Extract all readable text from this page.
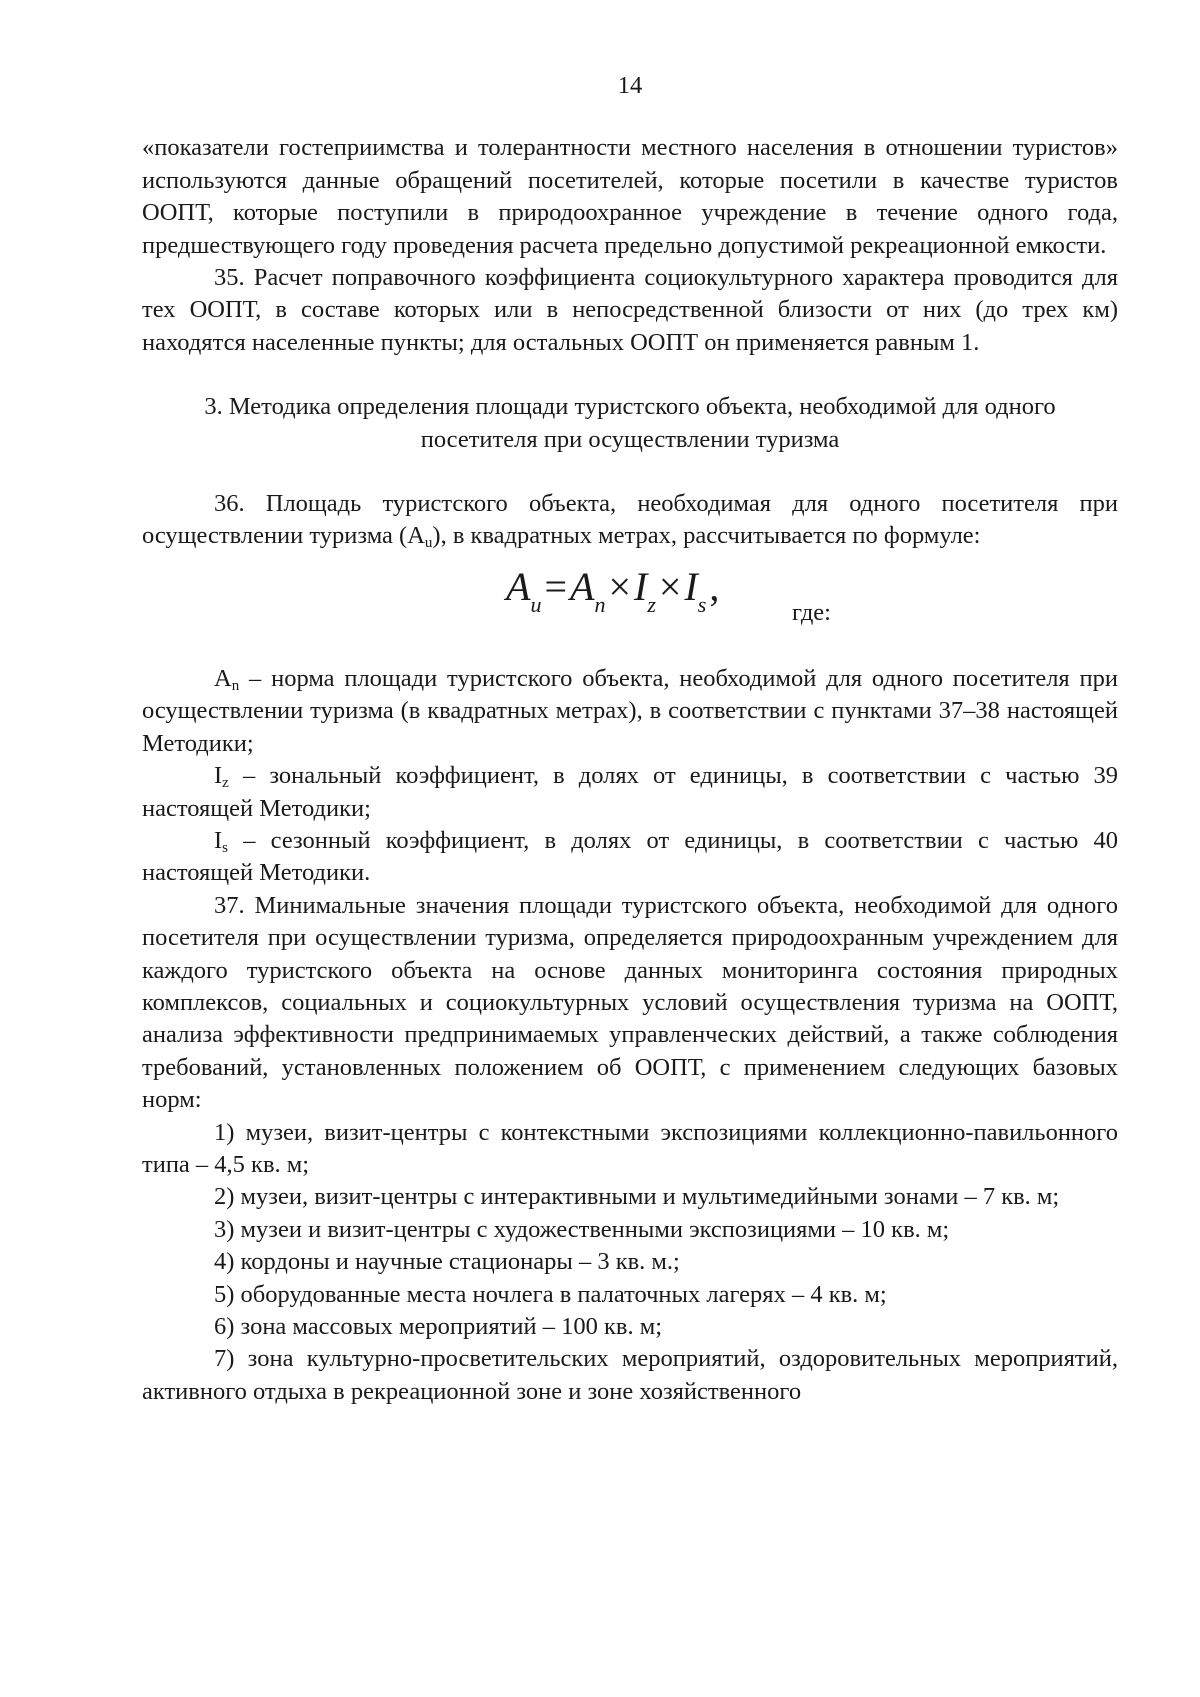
14

«показатели гостеприимства и толерантности местного населения в отношении туристов» используются данные обращений посетителей, которые посетили в качестве туристов ООПТ, которые поступили в природоохранное учреждение в течение одного года, предшествующего году проведения расчета предельно допустимой рекреационной емкости.

35. Расчет поправочного коэффициента социокультурного характера проводится для тех ООПТ, в составе которых или в непосредственной близости от них (до трех км) находятся населенные пункты; для остальных ООПТ он применяется равным 1.

3. Методика определения площади туристского объекта, необходимой для одного посетителя при осуществлении туризма

36. Площадь туристского объекта, необходимая для одного посетителя при осуществлении туризма $(A_u)$, в квадратных метрах, рассчитывается по формуле:

$A_u=A_n\times I_z\times I_s$,
где:

$A_n$ – норма площади туристского объекта, необходимой для одного посетителя при осуществлении туризма (в квадратных метрах), в соответствии с пунктами 37–38 настоящей Методики;

$I_z$ – зональный коэффициент, в долях от единицы, в соответствии с частью 39 настоящей Методики;

$I_s$ – сезонный коэффициент, в долях от единицы, в соответствии с частью 40 настоящей Методики.

37. Минимальные значения площади туристского объекта, необходимой для одного посетителя при осуществлении туризма, определяется природоохранным учреждением для каждого туристского объекта на основе данных мониторинга состояния природных комплексов, социальных и социокультурных условий осуществления туризма на ООПТ, анализа эффективности предпринимаемых управленческих действий, а также соблюдения требований, установленных положением об ООПТ, с применением следующих базовых норм:

1) музеи, визит-центры с контекстными экспозициями коллекционно-павильонного типа – 4,5 кв. м;

2) музеи, визит-центры с интерактивными и мультимедийными зонами – 7 кв. м;

3) музеи и визит-центры с художественными экспозициями – 10 кв. м;

4) кордоны и научные стационары – 3 кв. м.;

5) оборудованные места ночлега в палаточных лагерях – 4 кв. м;

6) зона массовых мероприятий – 100 кв. м;

7) зона культурно-просветительских мероприятий, оздоровительных мероприятий, активного отдыха в рекреационной зоне и зоне хозяйственного
